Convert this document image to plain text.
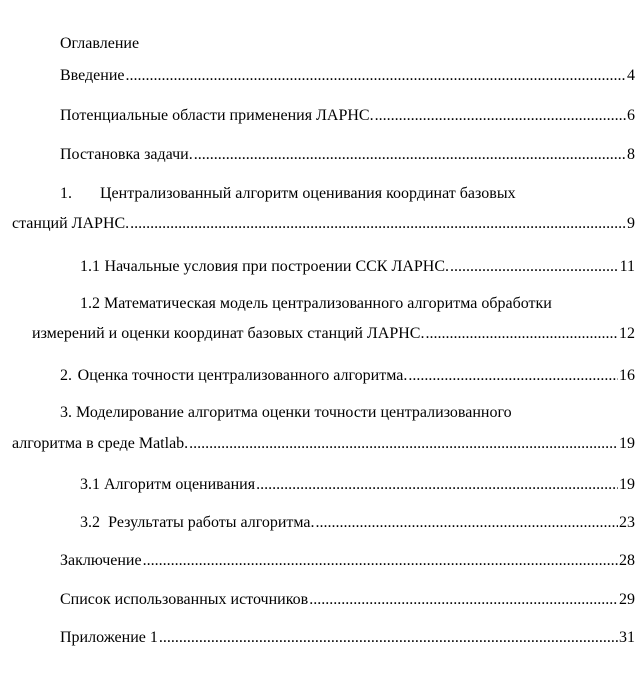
Оглавление
Введение .....	4
Потенциальные области применения ЛАРНС. .....	6
Постановка задачи. .....	8
1. Централизованный алгоритм оценивания координат базовых
станций ЛАРНС. .....	9
1.1 Начальные условия при построении ССК ЛАРНС. .....	11
1.2 Математическая модель централизованного алгоритма обработки
измерений и оценки координат базовых станций ЛАРНС. .....	12
2. Оценка точности централизованного алгоритма. .....	16
3. Моделирование алгоритма оценки точности централизованного
алгоритма в среде Matlab. .....	19
3.1 Алгоритм оценивания .....	19
3.2 Результаты работы алгоритма. .....	23
Заключение .....	28
Список использованных источников .....	29
Приложение 1 .....	31
